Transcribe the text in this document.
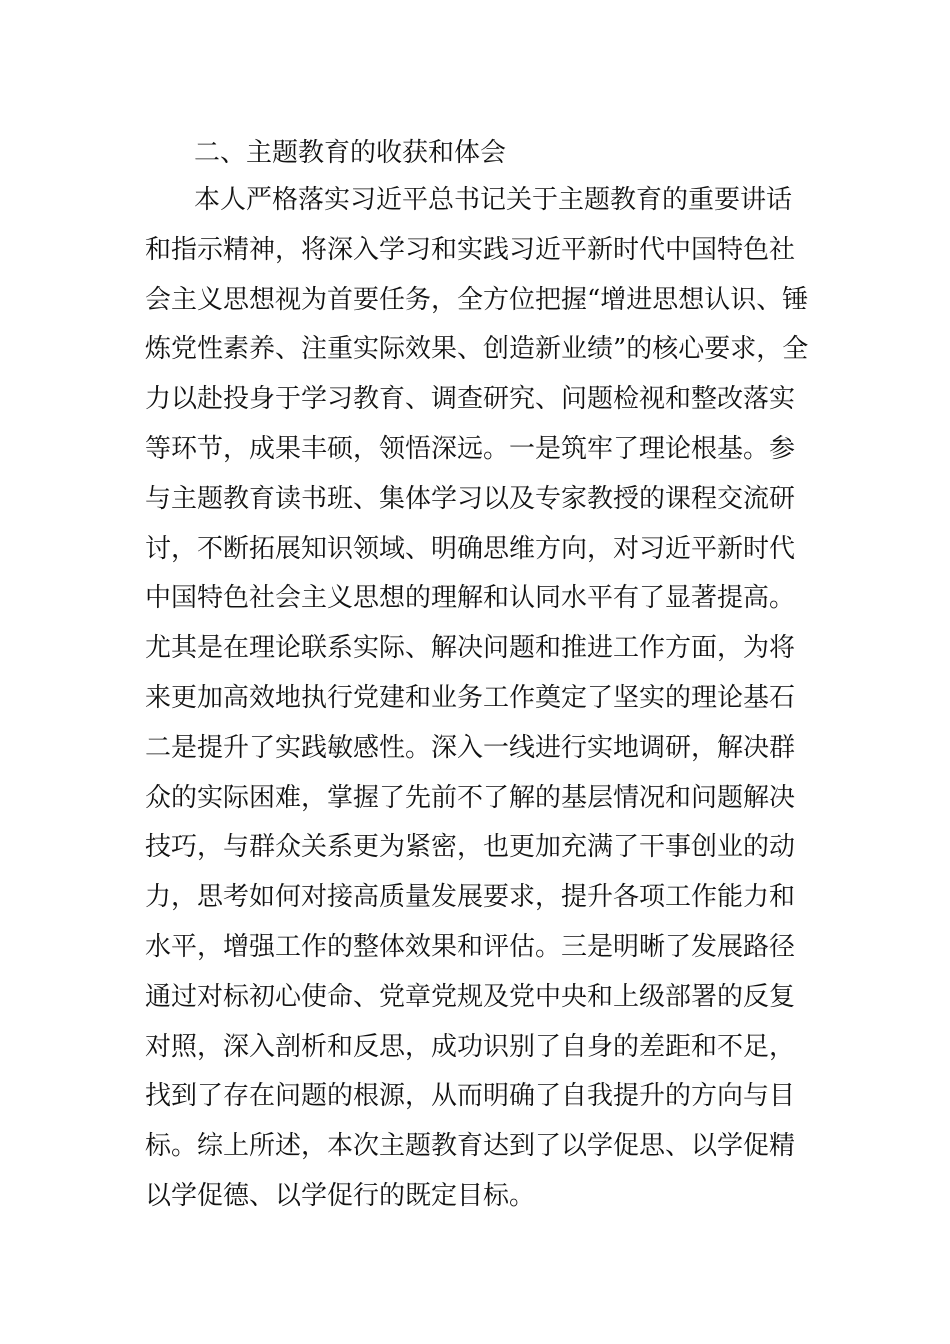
二、主题教育的收获和体会
本人严格落实习近平总书记关于主题教育的重要讲话
和指示精神，将深入学习和实践习近平新时代中国特色社
会主义思想视为首要任务，全方位把握“增进思想认识、锤
炼党性素养、注重实际效果、创造新业绩”的核心要求，全
力以赴投身于学习教育、调查研究、问题检视和整改落实
等环节，成果丰硕，领悟深远。一是筑牢了理论根基。参
与主题教育读书班、集体学习以及专家教授的课程交流研
讨，不断拓展知识领域、明确思维方向，对习近平新时代
中国特色社会主义思想的理解和认同水平有了显著提高。
尤其是在理论联系实际、解决问题和推进工作方面，为将
来更加高效地执行党建和业务工作奠定了坚实的理论基石
二是提升了实践敏感性。深入一线进行实地调研，解决群
众的实际困难，掌握了先前不了解的基层情况和问题解决
技巧，与群众关系更为紧密，也更加充满了干事创业的动
力，思考如何对接高质量发展要求，提升各项工作能力和
水平，增强工作的整体效果和评估。三是明晰了发展路径
通过对标初心使命、党章党规及党中央和上级部署的反复
对照，深入剖析和反思，成功识别了自身的差距和不足，
找到了存在问题的根源，从而明确了自我提升的方向与目
标。综上所述，本次主题教育达到了以学促思、以学促精
以学促德、以学促行的既定目标。
